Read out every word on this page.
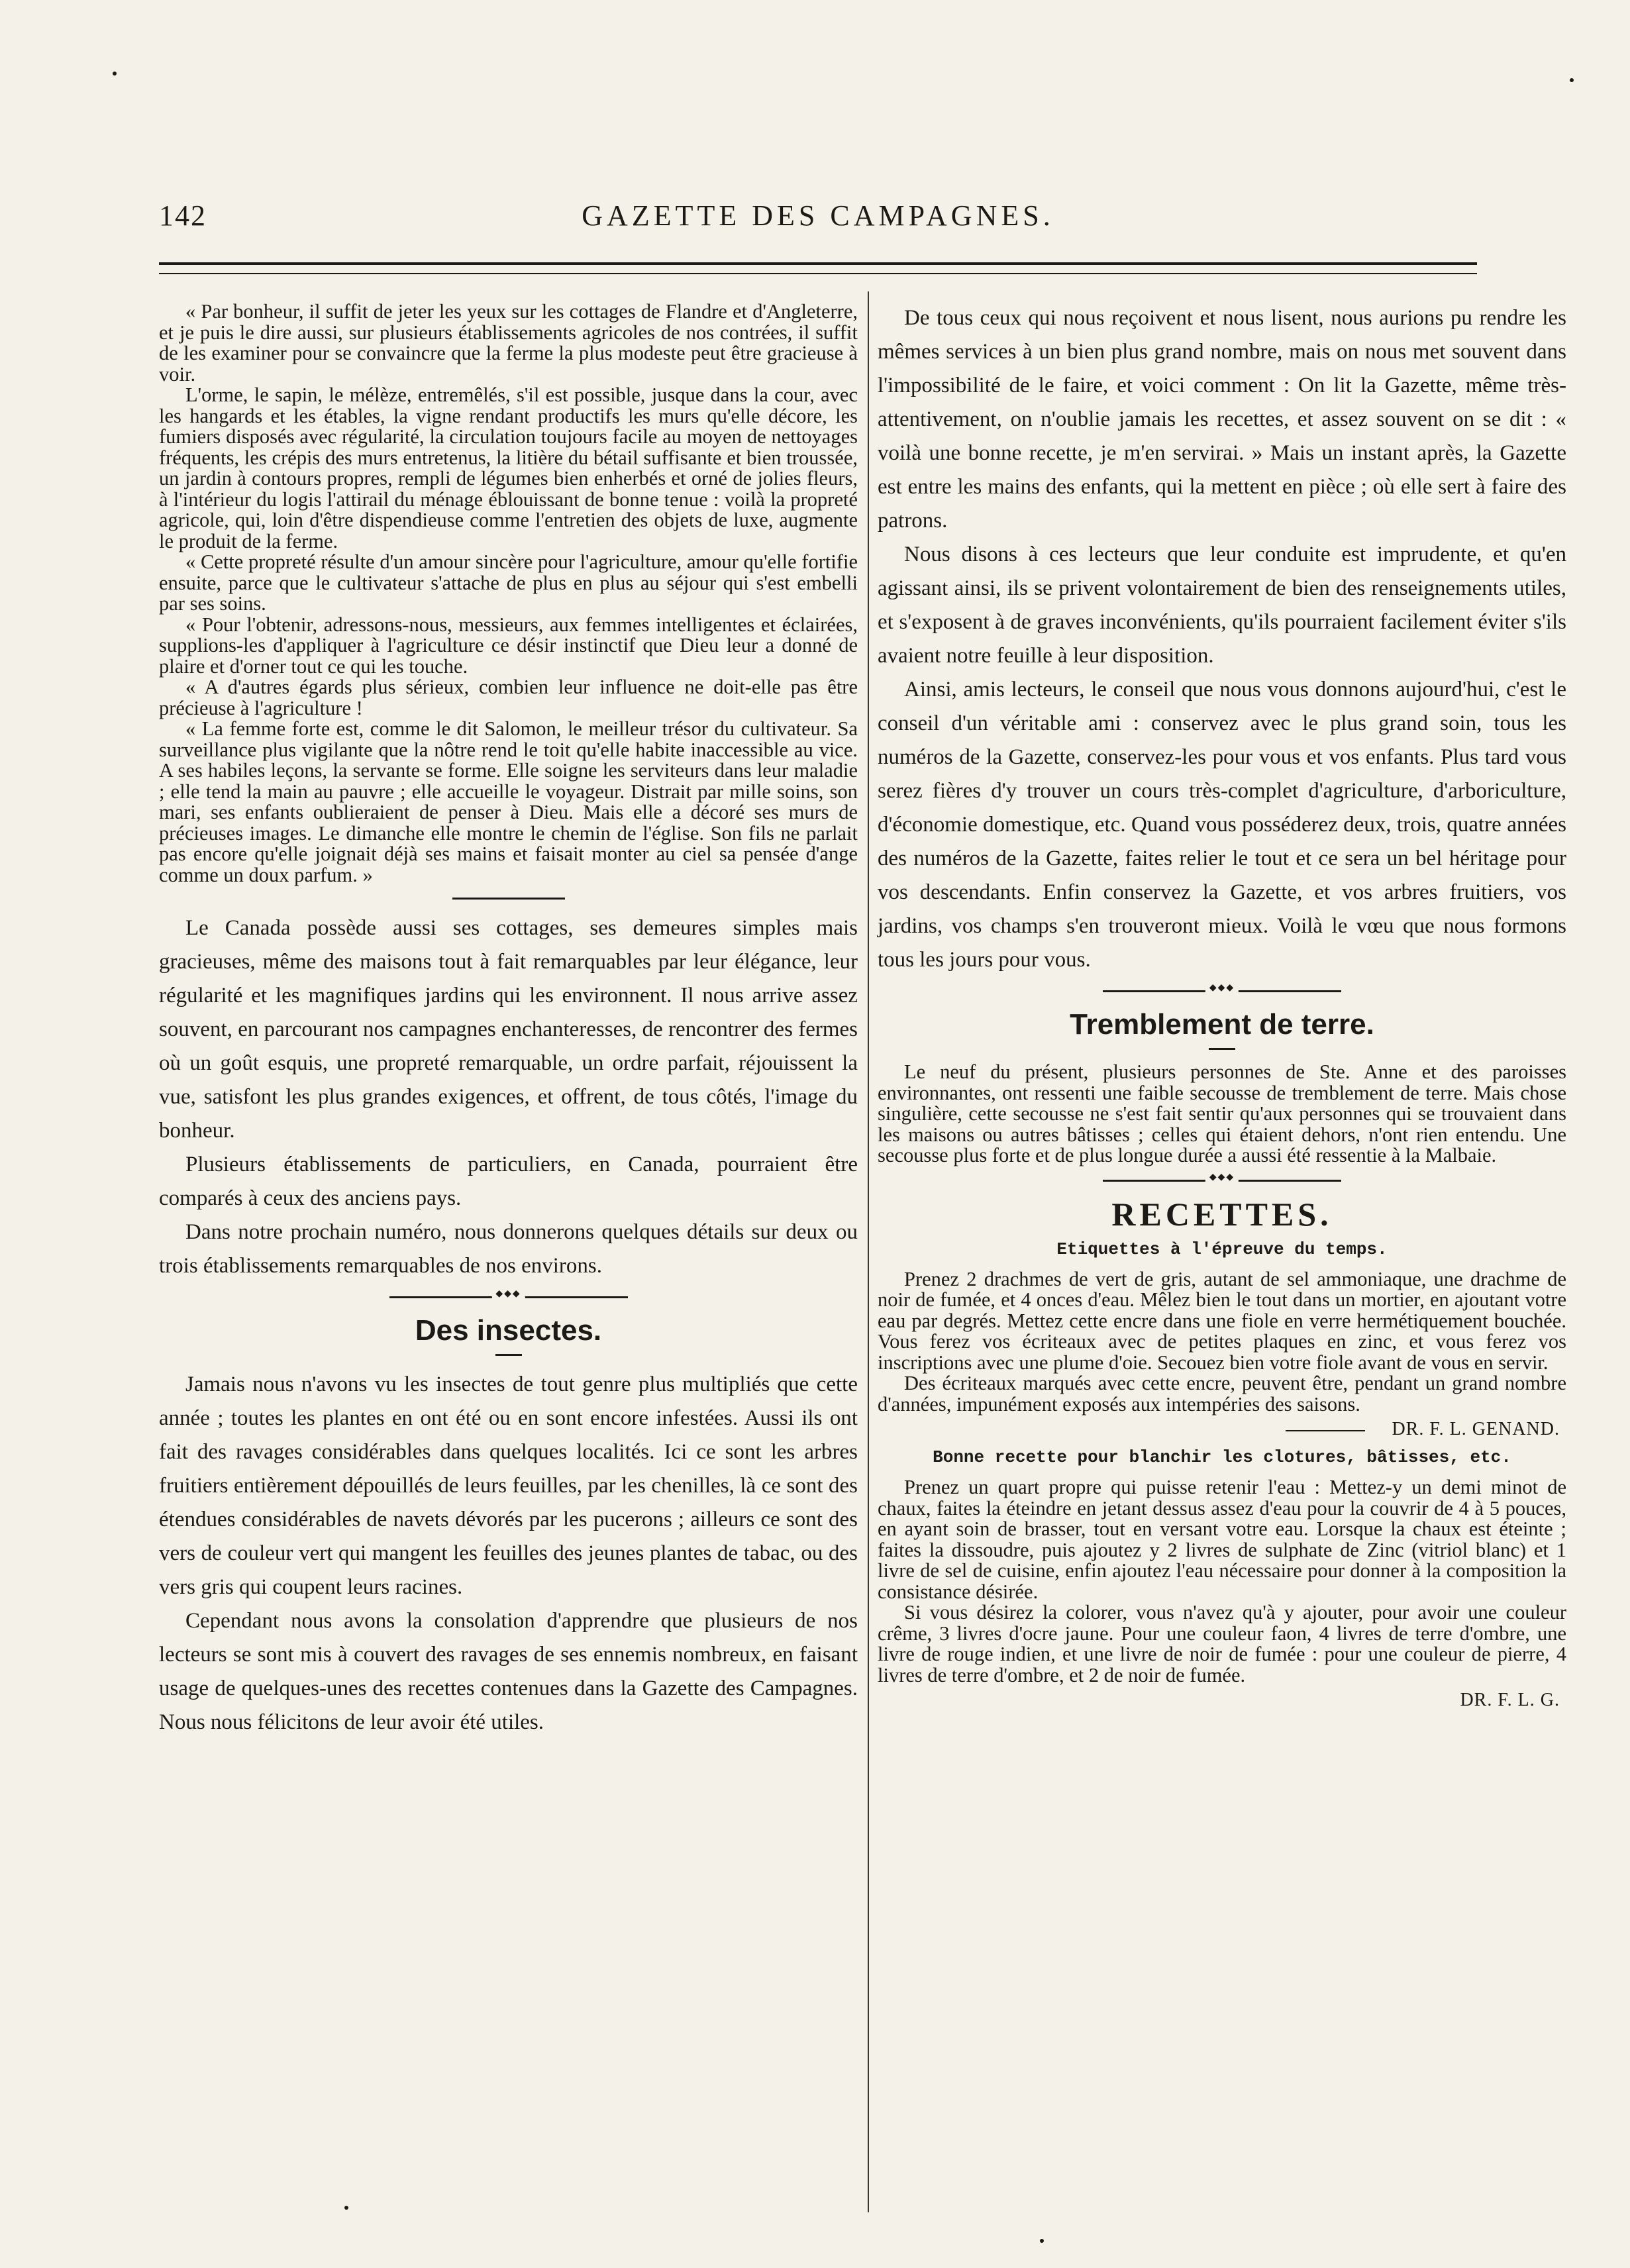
142	GAZETTE DES CAMPAGNES.

« Par bonheur, il suffit de jeter les yeux sur les cottages de Flandre et d'Angleterre, et je puis le dire aussi, sur plusieurs établissements agricoles de nos contrées, il suffit de les examiner pour se convaincre que la ferme la plus modeste peut être gracieuse à voir.

L'orme, le sapin, le mélèze, entremêlés, s'il est possible, jusque dans la cour, avec les hangards et les étables, la vigne rendant productifs les murs qu'elle décore, les fumiers disposés avec régularité, la circulation toujours facile au moyen de nettoyages fréquents, les crépis des murs entretenus, la litière du bétail suffisante et bien troussée, un jardin à contours propres, rempli de légumes bien enherbés et orné de jolies fleurs, à l'intérieur du logis l'attirail du ménage éblouissant de bonne tenue : voilà la propreté agricole, qui, loin d'être dispendieuse comme l'entretien des objets de luxe, augmente le produit de la ferme.

« Cette propreté résulte d'un amour sincère pour l'agriculture, amour qu'elle fortifie ensuite, parce que le cultivateur s'attache de plus en plus au séjour qui s'est embelli par ses soins.

« Pour l'obtenir, adressons-nous, messieurs, aux femmes intelligentes et éclairées, supplions-les d'appliquer à l'agriculture ce désir instinctif que Dieu leur a donné de plaire et d'orner tout ce qui les touche.

« A d'autres égards plus sérieux, combien leur influence ne doit-elle pas être précieuse à l'agriculture !

« La femme forte est, comme le dit Salomon, le meilleur trésor du cultivateur. Sa surveillance plus vigilante que la nôtre rend le toit qu'elle habite inaccessible au vice. A ses habiles leçons, la servante se forme. Elle soigne les serviteurs dans leur maladie ; elle tend la main au pauvre ; elle accueille le voyageur. Distrait par mille soins, son mari, ses enfants oublieraient de penser à Dieu. Mais elle a décoré ses murs de précieuses images. Le dimanche elle montre le chemin de l'église. Son fils ne parlait pas encore qu'elle joignait déjà ses mains et faisait monter au ciel sa pensée d'ange comme un doux parfum. »

Le Canada possède aussi ses cottages, ses demeures simples mais gracieuses, même des maisons tout à fait remarquables par leur élégance, leur régularité et les magnifiques jardins qui les environnent. Il nous arrive assez souvent, en parcourant nos campagnes enchanteresses, de rencontrer des fermes où un goût esquis, une propreté remarquable, un ordre parfait, réjouissent la vue, satisfont les plus grandes exigences, et offrent, de tous côtés, l'image du bonheur.

Plusieurs établissements de particuliers, en Canada, pourraient être comparés à ceux des anciens pays.

Dans notre prochain numéro, nous donnerons quelques détails sur deux ou trois établissements remarquables de nos environs.

◆◆◆
Des insectes.

Jamais nous n'avons vu les insectes de tout genre plus multipliés que cette année ; toutes les plantes en ont été ou en sont encore infestées. Aussi ils ont fait des ravages considérables dans quelques localités. Ici ce sont les arbres fruitiers entièrement dépouillés de leurs feuilles, par les chenilles, là ce sont des étendues considérables de navets dévorés par les pucerons ; ailleurs ce sont des vers de couleur vert qui mangent les feuilles des jeunes plantes de tabac, ou des vers gris qui coupent leurs racines.

Cependant nous avons la consolation d'apprendre que plusieurs de nos lecteurs se sont mis à couvert des ravages de ses ennemis nombreux, en faisant usage de quelques-unes des recettes contenues dans la Gazette des Campagnes. Nous nous félicitons de leur avoir été utiles.

De tous ceux qui nous reçoivent et nous lisent, nous aurions pu rendre les mêmes services à un bien plus grand nombre, mais on nous met souvent dans l'impossibilité de le faire, et voici comment : On lit la Gazette, même très-attentivement, on n'oublie jamais les recettes, et assez souvent on se dit : « voilà une bonne recette, je m'en servirai. » Mais un instant après, la Gazette est entre les mains des enfants, qui la mettent en pièce ; où elle sert à faire des patrons.

Nous disons à ces lecteurs que leur conduite est imprudente, et qu'en agissant ainsi, ils se privent volontairement de bien des renseignements utiles, et s'exposent à de graves inconvénients, qu'ils pourraient facilement éviter s'ils avaient notre feuille à leur disposition.

Ainsi, amis lecteurs, le conseil que nous vous donnons aujourd'hui, c'est le conseil d'un véritable ami : conservez avec le plus grand soin, tous les numéros de la Gazette, conservez-les pour vous et vos enfants. Plus tard vous serez fières d'y trouver un cours très-complet d'agriculture, d'arboriculture, d'économie domestique, etc. Quand vous posséderez deux, trois, quatre années des numéros de la Gazette, faites relier le tout et ce sera un bel héritage pour vos descendants. Enfin conservez la Gazette, et vos arbres fruitiers, vos jardins, vos champs s'en trouveront mieux. Voilà le vœu que nous formons tous les jours pour vous.

◆◆◆
Tremblement de terre.

Le neuf du présent, plusieurs personnes de Ste. Anne et des paroisses environnantes, ont ressenti une faible secousse de tremblement de terre. Mais chose singulière, cette secousse ne s'est fait sentir qu'aux personnes qui se trouvaient dans les maisons ou autres bâtisses ; celles qui étaient dehors, n'ont rien entendu. Une secousse plus forte et de plus longue durée a aussi été ressentie à la Malbaie.

◆◆◆
RECETTES.
Etiquettes à l'épreuve du temps.

Prenez 2 drachmes de vert de gris, autant de sel ammoniaque, une drachme de noir de fumée, et 4 onces d'eau. Mêlez bien le tout dans un mortier, en ajoutant votre eau par degrés. Mettez cette encre dans une fiole en verre hermétiquement bouchée. Vous ferez vos écriteaux avec de petites plaques en zinc, et vous ferez vos inscriptions avec une plume d'oie. Secouez bien votre fiole avant de vous en servir.

Des écriteaux marqués avec cette encre, peuvent être, pendant un grand nombre d'années, impunément exposés aux intempéries des saisons.

DR. F. L. GENAND.
Bonne recette pour blanchir les clotures, bâtisses, etc.

Prenez un quart propre qui puisse retenir l'eau : Mettez-y un demi minot de chaux, faites la éteindre en jetant dessus assez d'eau pour la couvrir de 4 à 5 pouces, en ayant soin de brasser, tout en versant votre eau. Lorsque la chaux est éteinte ; faites la dissoudre, puis ajoutez y 2 livres de sulphate de Zinc (vitriol blanc) et 1 livre de sel de cuisine, enfin ajoutez l'eau nécessaire pour donner à la composition la consistance désirée.

Si vous désirez la colorer, vous n'avez qu'à y ajouter, pour avoir une couleur crême, 3 livres d'ocre jaune. Pour une couleur faon, 4 livres de terre d'ombre, une livre de rouge indien, et une livre de noir de fumée : pour une couleur de pierre, 4 livres de terre d'ombre, et 2 de noir de fumée.

DR. F. L. G.
